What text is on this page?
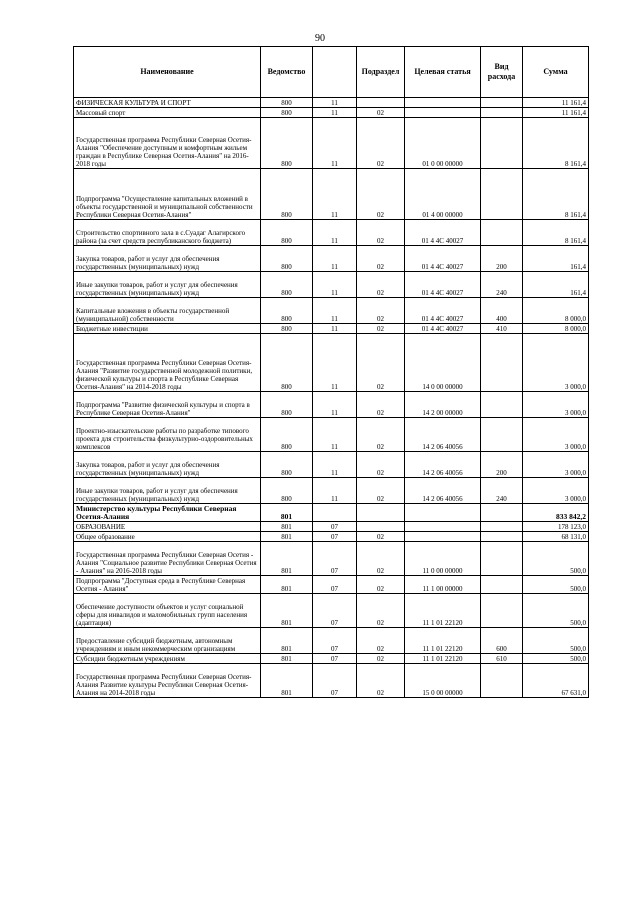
90
Наименование	Ведомство		Подраздел	Целевая статья	Вид расхода	Сумма
ФИЗИЧЕСКАЯ КУЛЬТУРА И СПОРТ	800	11				11 161,4
Массовый спорт	800	11	02			11 161,4
Государственная программа Республики Северная Осетия-Алания "Обеспечение доступным и комфортным жильем граждан в Республике Северная Осетия-Алания" на 2016-2018 годы	800	11	02	01 0 00 00000		8 161,4
Подпрограмма "Осуществление капитальных вложений в объекты государственной и муниципальной собственности Республики Северная Осетия-Алания"	800	11	02	01 4 00 00000		8 161,4
Строительство спортивного зала в с.Суадаг Алагирского района (за счет средств республиканского бюджета)	800	11	02	01 4 4C 40027		8 161,4
Закупка товаров, работ и услуг для обеспечения государственных (муниципальных) нужд	800	11	02	01 4 4C 40027	200	161,4
Иные закупки товаров, работ и услуг для обеспечения государственных (муниципальных) нужд	800	11	02	01 4 4C 40027	240	161,4
Капитальные вложения в объекты государственной (муниципальной) собственности	800	11	02	01 4 4C 40027	400	8 000,0
Бюджетные инвестиции	800	11	02	01 4 4C 40027	410	8 000,0
Государственная программа Республики Северная Осетия-Алания "Развитие государственной молодежной политики, физической культуры и спорта в Республике Северная Осетия-Алания" на 2014-2018 годы	800	11	02	14 0 00 00000		3 000,0
Подпрограмма "Развитие физической культуры и спорта в Республике Северная Осетия-Алания"	800	11	02	14 2 00 00000		3 000,0
Проектно-изыскательские работы по разработке типового проекта для строительства физкультурно-оздоровительных комплексов	800	11	02	14 2 06 40056		3 000,0
Закупка товаров, работ и услуг для обеспечения государственных (муниципальных) нужд	800	11	02	14 2 06 40056	200	3 000,0
Иные закупки товаров, работ и услуг для обеспечения государственных (муниципальных) нужд	800	11	02	14 2 06 40056	240	3 000,0
Министерство культуры Республики Северная Осетия-Алания	801					833 842,2
ОБРАЗОВАНИЕ	801	07				178 123,0
Общее образование	801	07	02			68 131,0
Государственная программа Республики Северная Осетия - Алания "Социальное развитие Республики Северная Осетия - Алания" на 2016-2018 годы	801	07	02	11 0 00 00000		500,0
Подпрограмма "Доступная среда в Республике Северная Осетия - Алания"	801	07	02	11 1 00 00000		500,0
Обеспечение доступности объектов и услуг социальной сферы для инвалидов и маломобильных групп населения (адаптация)	801	07	02	11 1 01 22120		500,0
Предоставление субсидий бюджетным, автономным учреждениям и иным некоммерческим организациям	801	07	02	11 1 01 22120	600	500,0
Субсидии бюджетным учреждениям	801	07	02	11 1 01 22120	610	500,0
Государственная программа Республики Северная Осетия-Алания Развитие культуры Республики Северная Осетия-Алания на 2014-2018 годы	801	07	02	15 0 00 00000		67 631,0
